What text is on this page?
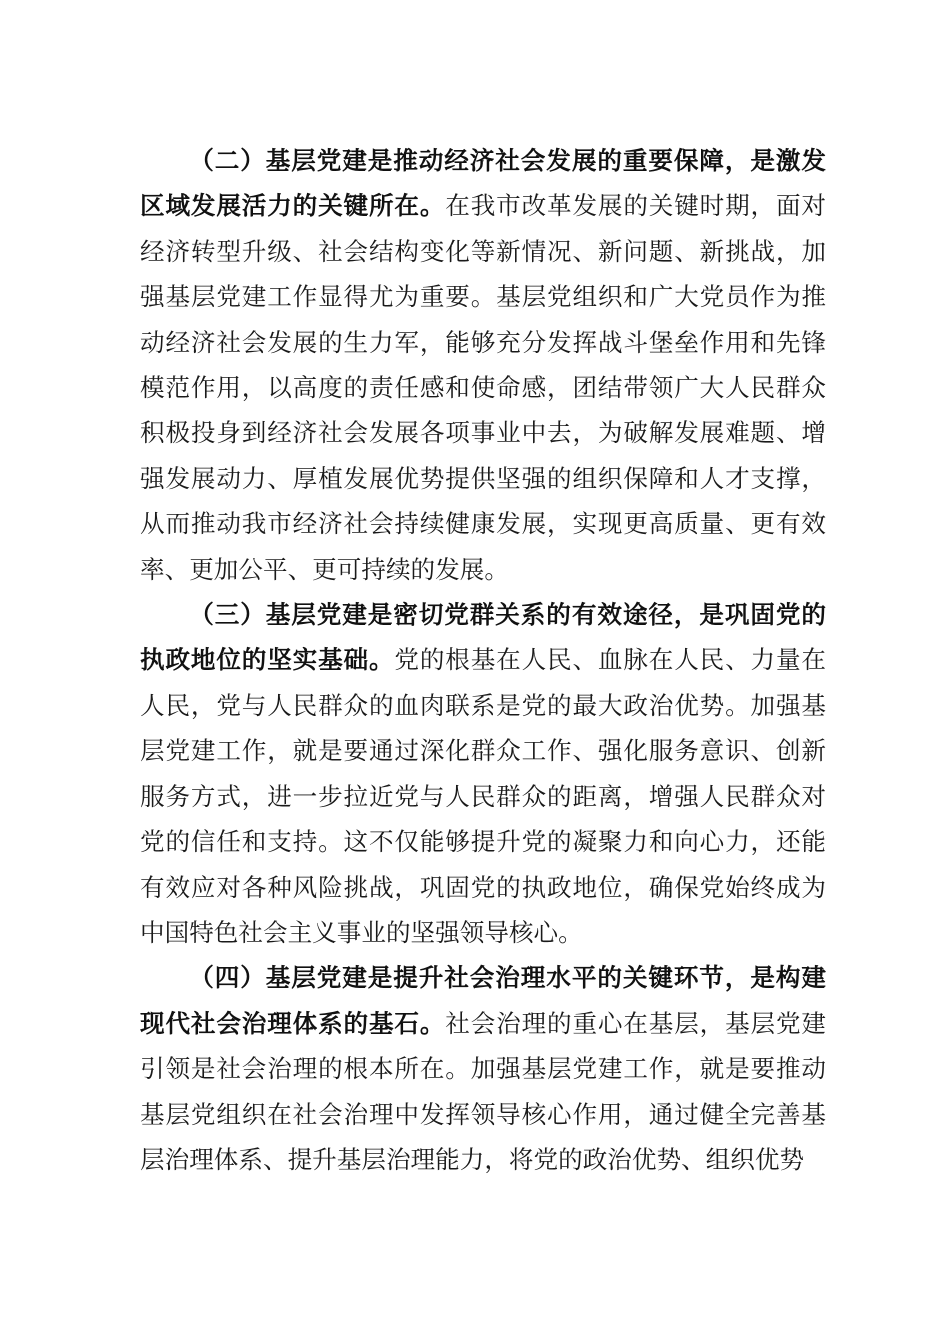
（二）基层党建是推动经济社会发展的重要保障，是激发区域发展活力的关键所在。在我市改革发展的关键时期，面对经济转型升级、社会结构变化等新情况、新问题、新挑战，加强基层党建工作显得尤为重要。基层党组织和广大党员作为推动经济社会发展的生力军，能够充分发挥战斗堡垒作用和先锋模范作用，以高度的责任感和使命感，团结带领广大人民群众积极投身到经济社会发展各项事业中去，为破解发展难题、增强发展动力、厚植发展优势提供坚强的组织保障和人才支撑，从而推动我市经济社会持续健康发展，实现更高质量、更有效率、更加公平、更可持续的发展。

（三）基层党建是密切党群关系的有效途径，是巩固党的执政地位的坚实基础。党的根基在人民、血脉在人民、力量在人民，党与人民群众的血肉联系是党的最大政治优势。加强基层党建工作，就是要通过深化群众工作、强化服务意识、创新服务方式，进一步拉近党与人民群众的距离，增强人民群众对党的信任和支持。这不仅能够提升党的凝聚力和向心力，还能有效应对各种风险挑战，巩固党的执政地位，确保党始终成为中国特色社会主义事业的坚强领导核心。

（四）基层党建是提升社会治理水平的关键环节，是构建现代社会治理体系的基石。社会治理的重心在基层，基层党建引领是社会治理的根本所在。加强基层党建工作，就是要推动基层党组织在社会治理中发挥领导核心作用，通过健全完善基层治理体系、提升基层治理能力，将党的政治优势、组织优势
